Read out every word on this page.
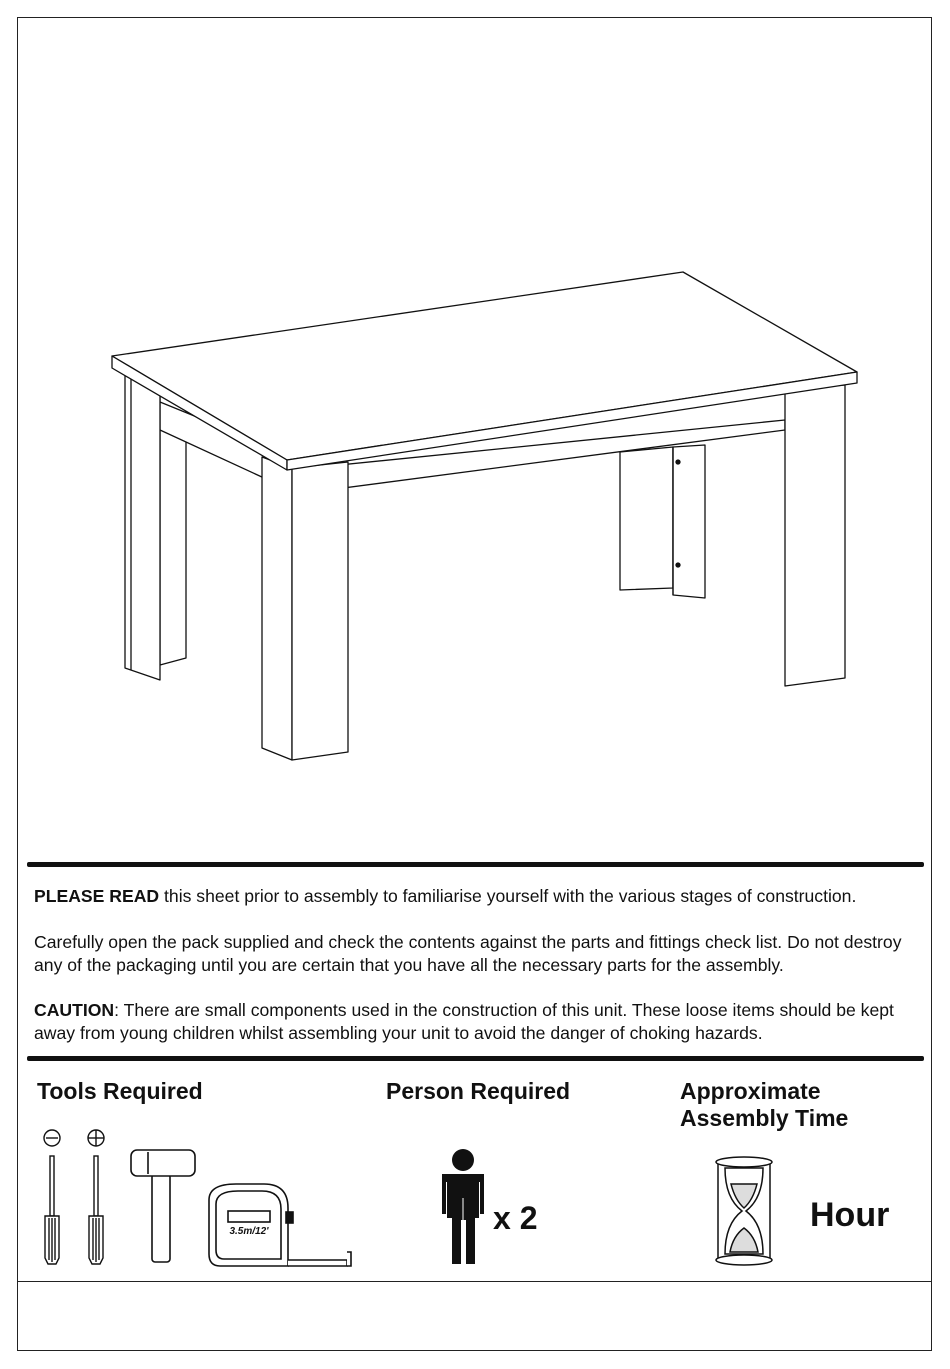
PLEASE READ this sheet prior to assembly to familiarise yourself with the various stages of construction.

Carefully open the pack supplied and check the contents against the parts and fittings check list. Do not destroy any of the packaging until you are certain that you have all the necessary parts for the assembly.

CAUTION: There are small components used in the construction of this unit. These loose items should be kept away from young children whilst assembling your unit to avoid the danger of choking hazards.

Tools Required
3.5m/12'
Person Required
x 2
Approximate
Assembly Time
Hour
